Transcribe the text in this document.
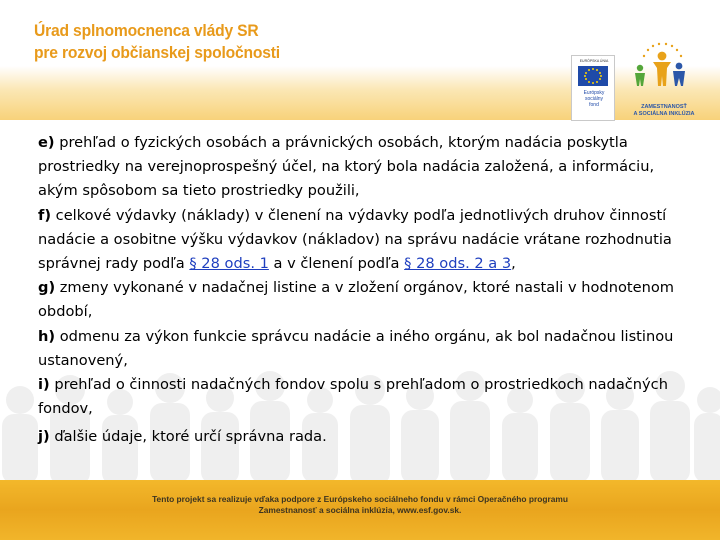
Úrad splnomocnenca vlády SR
pre rozvoj občianskej spoločnosti	EURÓPSKA ÚNIA
Európsky
sociálny
fond	ZAMESTNANOSŤ
A SOCIÁLNA INKLÚZIA

e) prehľad o fyzických osobách a právnických osobách, ktorým nadácia poskytla prostriedky na verejnoprospešný účel, na ktorý bola nadácia založená, a informáciu, akým spôsobom sa tieto prostriedky použili,

f) celkové výdavky (náklady) v členení na výdavky podľa jednotlivých druhov činností nadácie a osobitne výšku výdavkov (nákladov) na správu nadácie vrátane rozhodnutia správnej rady podľa § 28 ods. 1 a v členení podľa § 28 ods. 2 a 3,

g) zmeny vykonané v nadačnej listine a v zložení orgánov, ktoré nastali v hodnotenom období,

h) odmenu za výkon funkcie správcu nadácie a iného orgánu, ak bol nadačnou listinou ustanovený,

i) prehľad o činnosti nadačných fondov spolu s prehľadom o prostriedkoch nadačných fondov,

j) ďalšie údaje, ktoré určí správna rada.

Tento projekt sa realizuje vďaka podpore z Európskeho sociálneho fondu v rámci Operačného programu
Zamestnanosť a sociálna inklúzia, www.esf.gov.sk.
